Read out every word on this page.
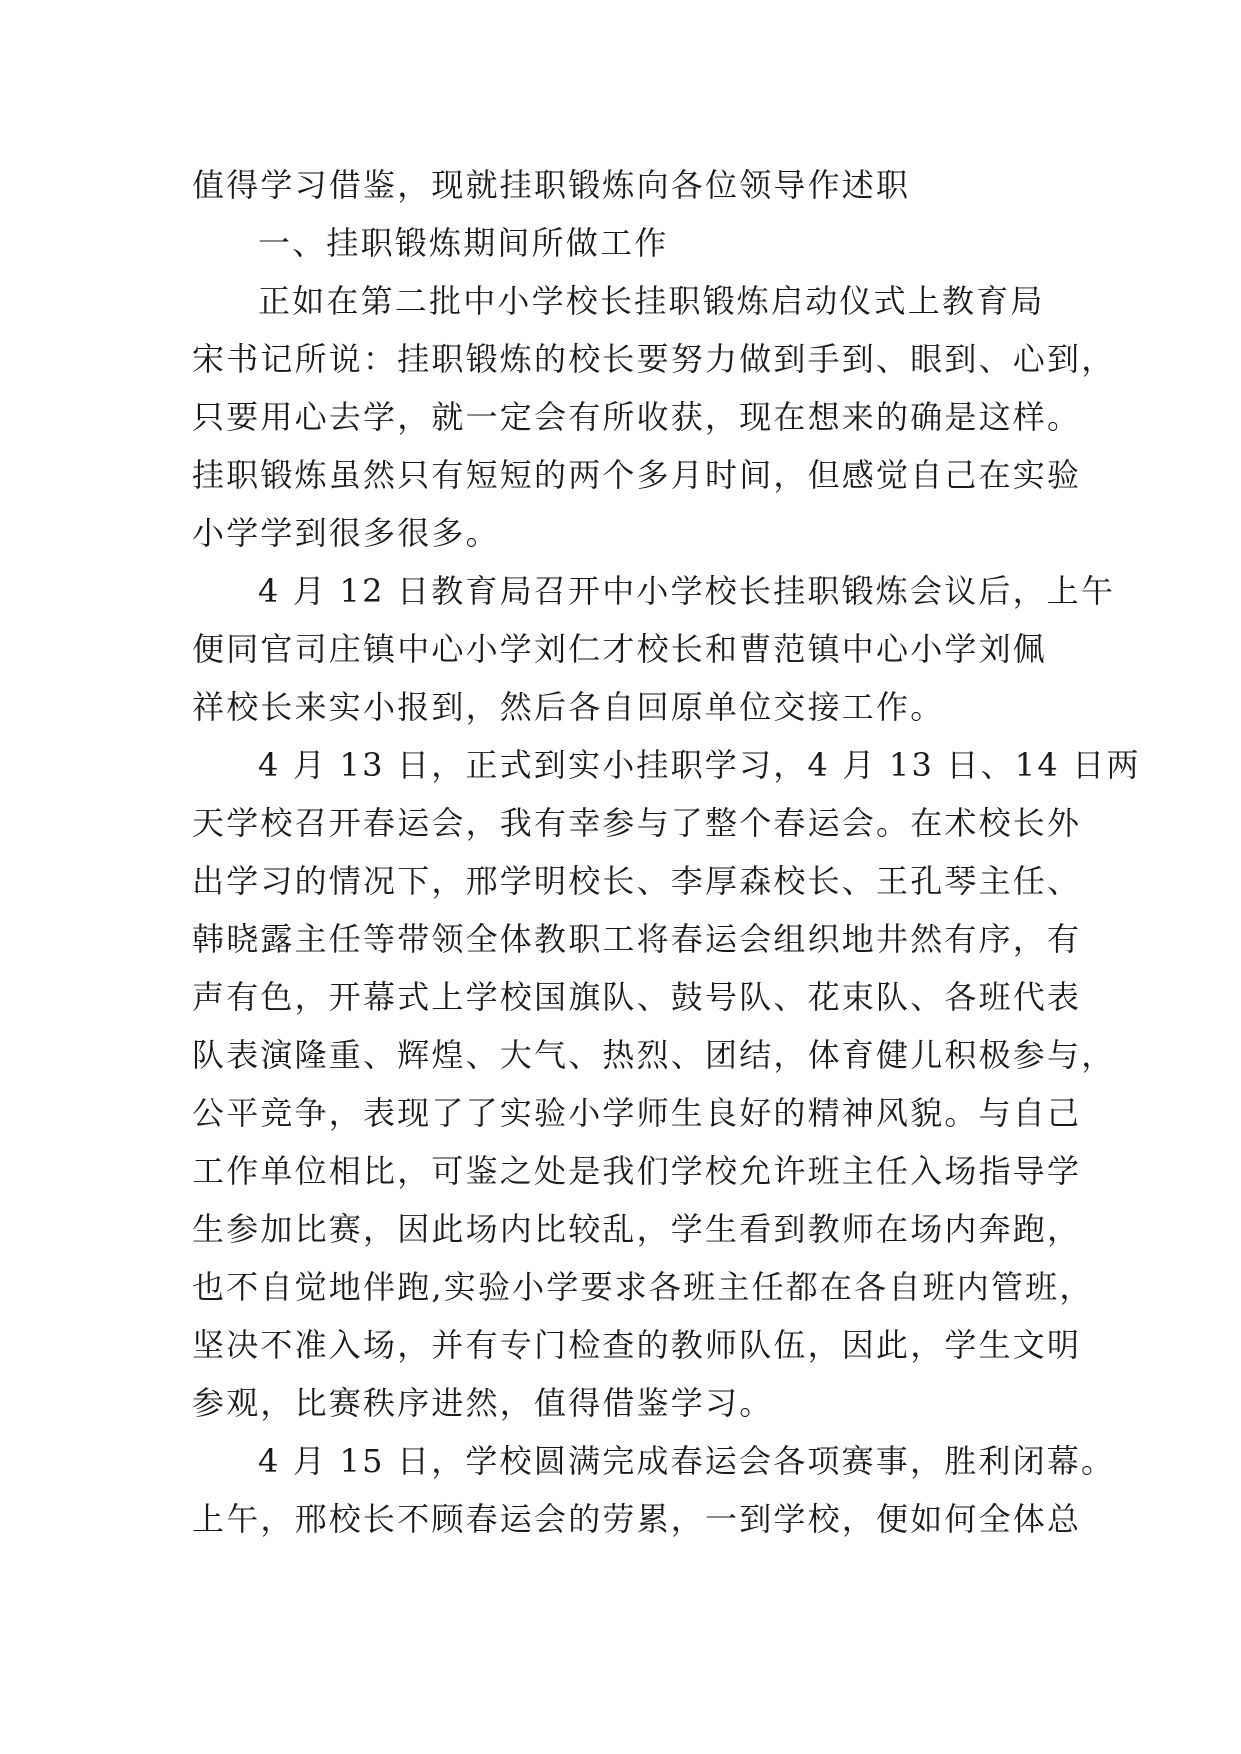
值得学习借鉴，现就挂职锻炼向各位领导作述职
一、挂职锻炼期间所做工作
正如在第二批中小学校长挂职锻炼启动仪式上教育局
宋书记所说：挂职锻炼的校长要努力做到手到、眼到、心到，
只要用心去学，就一定会有所收获，现在想来的确是这样。
挂职锻炼虽然只有短短的两个多月时间，但感觉自己在实验
小学学到很多很多。
4 月 12 日教育局召开中小学校长挂职锻炼会议后，上午
便同官司庄镇中心小学刘仁才校长和曹范镇中心小学刘佩
祥校长来实小报到，然后各自回原单位交接工作。
4 月 13 日，正式到实小挂职学习，4 月 13 日、14 日两
天学校召开春运会，我有幸参与了整个春运会。在术校长外
出学习的情况下，邢学明校长、李厚森校长、王孔琴主任、
韩晓露主任等带领全体教职工将春运会组织地井然有序，有
声有色，开幕式上学校国旗队、鼓号队、花束队、各班代表
队表演隆重、辉煌、大气、热烈、团结，体育健儿积极参与，
公平竞争，表现了了实验小学师生良好的精神风貌。与自己
工作单位相比，可鉴之处是我们学校允许班主任入场指导学
生参加比赛，因此场内比较乱，学生看到教师在场内奔跑，
也不自觉地伴跑,实验小学要求各班主任都在各自班内管班，
坚决不准入场，并有专门检查的教师队伍，因此，学生文明
参观，比赛秩序进然，值得借鉴学习。
4 月 15 日，学校圆满完成春运会各项赛事，胜利闭幕。
上午，邢校长不顾春运会的劳累，一到学校，便如何全体总
